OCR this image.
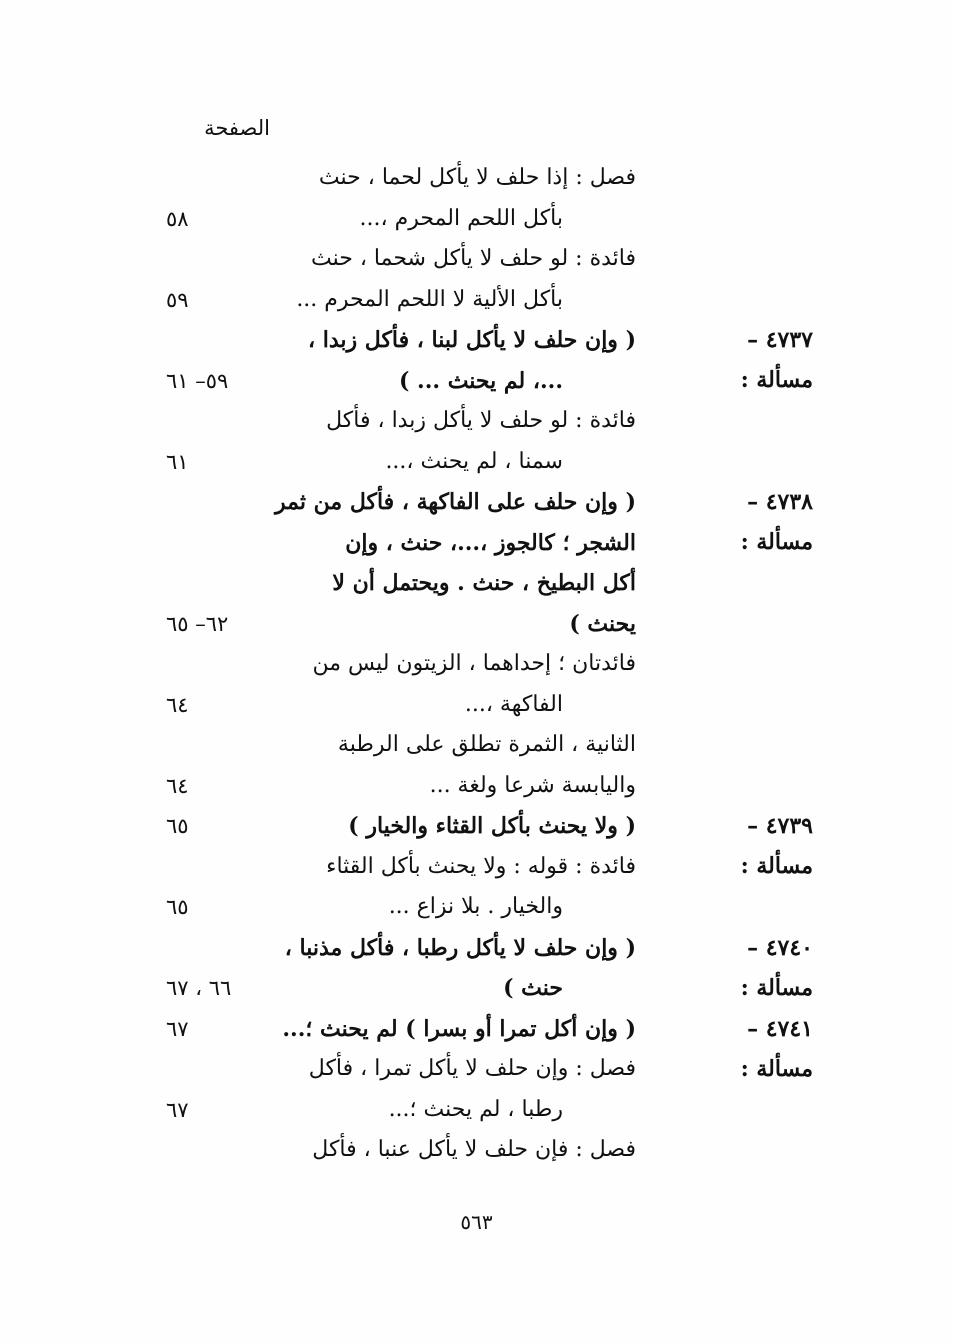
الصفحة
فصل : إذا حلف لا يأكل لحما ، حنث
بأكل اللحم المحرم ،...
٥٨
فائدة : لو حلف لا يأكل شحما ، حنث
بأكل الألية لا اللحم المحرم ...
٥٩
٤٧٣٧ – مسألة :
( وإن حلف لا يأكل لبنا ، فأكل زبدا ،
...، لم يحنث ... )
٥٩– ٦١
فائدة : لو حلف لا يأكل زبدا ، فأكل
سمنا ، لم يحنث ،...
٦١
٤٧٣٨ – مسألة :
( وإن حلف على الفاكهة ، فأكل من ثمر
الشجر ؛ كالجوز ،...، حنث ، وإن
أكل البطيخ ، حنث . ويحتمل أن لا
يحنث )
٦٢– ٦٥
فائدتان ؛ إحداهما ، الزيتون ليس من
الفاكهة ،...
٦٤
الثانية ، الثمرة تطلق على الرطبة
واليابسة شرعا ولغة ...
٦٤
٤٧٣٩ – مسألة :
( ولا يحنث بأكل القثاء والخيار )
٦٥
فائدة : قوله : ولا يحنث بأكل القثاء
والخيار . بلا نزاع ...
٦٥
٤٧٤٠ – مسألة :
( وإن حلف لا يأكل رطبا ، فأكل مذنبا ،
حنث )
٦٦ ، ٦٧
٤٧٤١ – مسألة :
( وإن أكل تمرا أو بسرا ) لم يحنث ؛...
٦٧
فصل : وإن حلف لا يأكل تمرا ، فأكل
رطبا ، لم يحنث ؛...
٦٧
فصل : فإن حلف لا يأكل عنبا ، فأكل
٥٦٣
